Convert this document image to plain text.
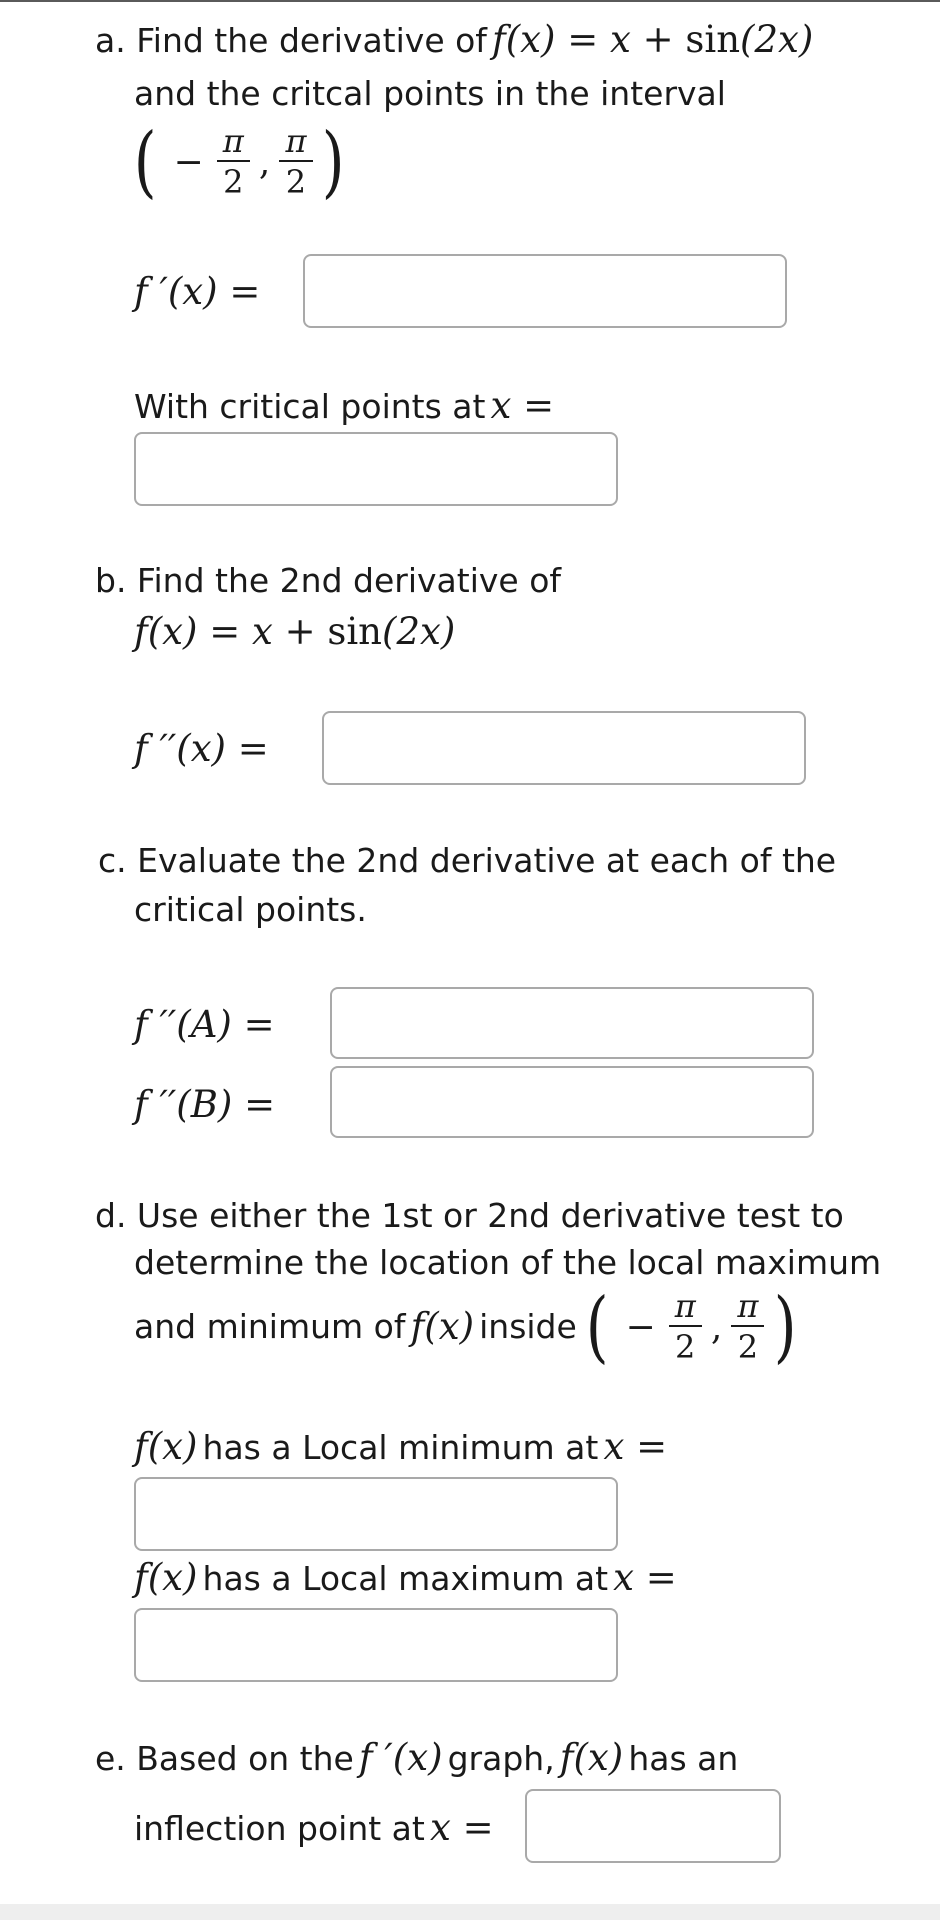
a. Find the derivative of f(x) = x + sin(2x)
and the critcal points in the interval
( − $\frac{\pi}{2}$ , $\frac{\pi}{2}$ )
f ′(x) =
With critical points at x =
b. Find the 2nd derivative of
f(x) = x + sin(2x)
f ′′(x) =
c. Evaluate the 2nd derivative at each of the
critical points.
f ′′(A) =
f ′′(B) =
d. Use either the 1st or 2nd derivative test to
determine the location of the local maximum
and minimum of f(x) inside ( − $\frac{\pi}{2}$ , $\frac{\pi}{2}$ )
f(x) has a Local minimum at x =
f(x) has a Local maximum at x =
e. Based on the f ′(x) graph, f(x) has an
inflection point at x =
